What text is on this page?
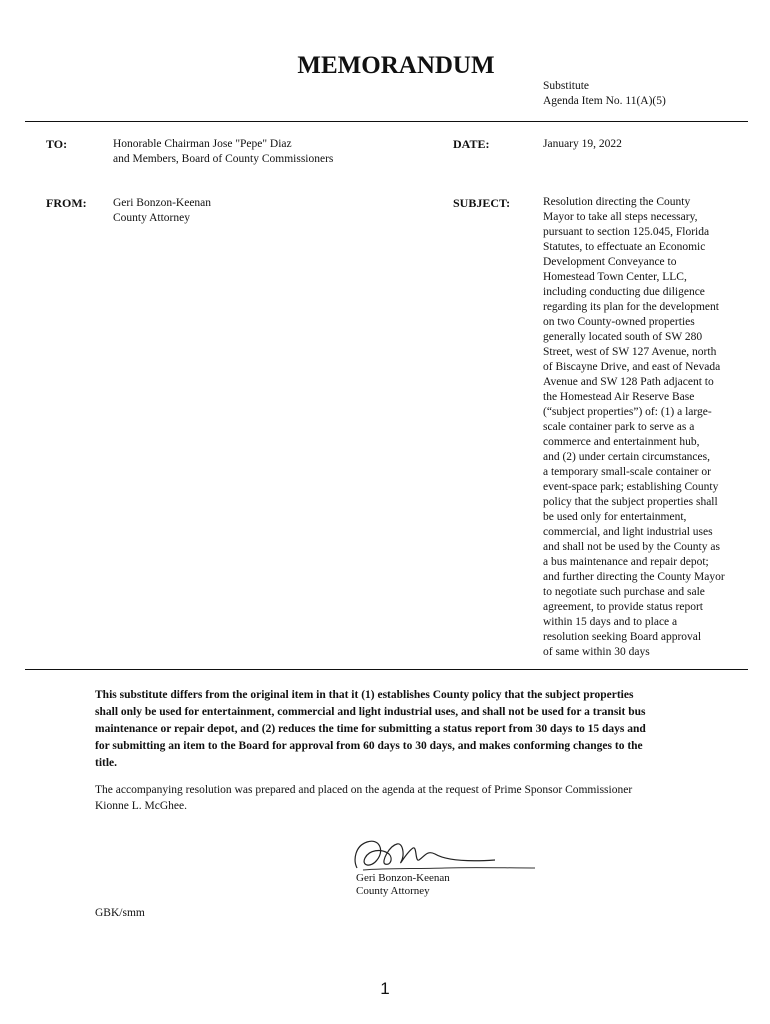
MEMORANDUM
Substitute
Agenda Item No. 11(A)(5)
TO:	Honorable Chairman Jose "Pepe" Diaz
and Members, Board of County Commissioners
DATE:	January 19, 2022
FROM: Geri Bonzon-Keenan
County Attorney
SUBJECT:	Resolution directing the County
Mayor to take all steps necessary,
pursuant to section 125.045, Florida
Statutes, to effectuate an Economic
Development Conveyance to
Homestead Town Center, LLC,
including conducting due diligence
regarding its plan for the development
on two County-owned properties
generally located south of SW 280
Street, west of SW 127 Avenue, north
of Biscayne Drive, and east of Nevada
Avenue and SW 128 Path adjacent to
the Homestead Air Reserve Base
(“subject properties”) of: (1) a large-
scale container park to serve as a
commerce and entertainment hub,
and (2) under certain circumstances,
a temporary small-scale container or
event-space park; establishing County
policy that the subject properties shall
be used only for entertainment,
commercial, and light industrial uses
and shall not be used by the County as
a bus maintenance and repair depot;
and further directing the County Mayor
to negotiate such purchase and sale
agreement, to provide status report
within 15 days and to place a
resolution seeking Board approval
of same within 30 days
This substitute differs from the original item in that it (1) establishes County policy that the subject properties
shall only be used for entertainment, commercial and light industrial uses, and shall not be used for a transit bus
maintenance or repair depot, and (2) reduces the time for submitting a status report from 30 days to 15 days and
for submitting an item to the Board for approval from 60 days to 30 days, and makes conforming changes to the
title.
The accompanying resolution was prepared and placed on the agenda at the request of Prime Sponsor Commissioner
Kionne L. McGhee.
Geri Bonzon-Keenan
County Attorney
GBK/smm
1
